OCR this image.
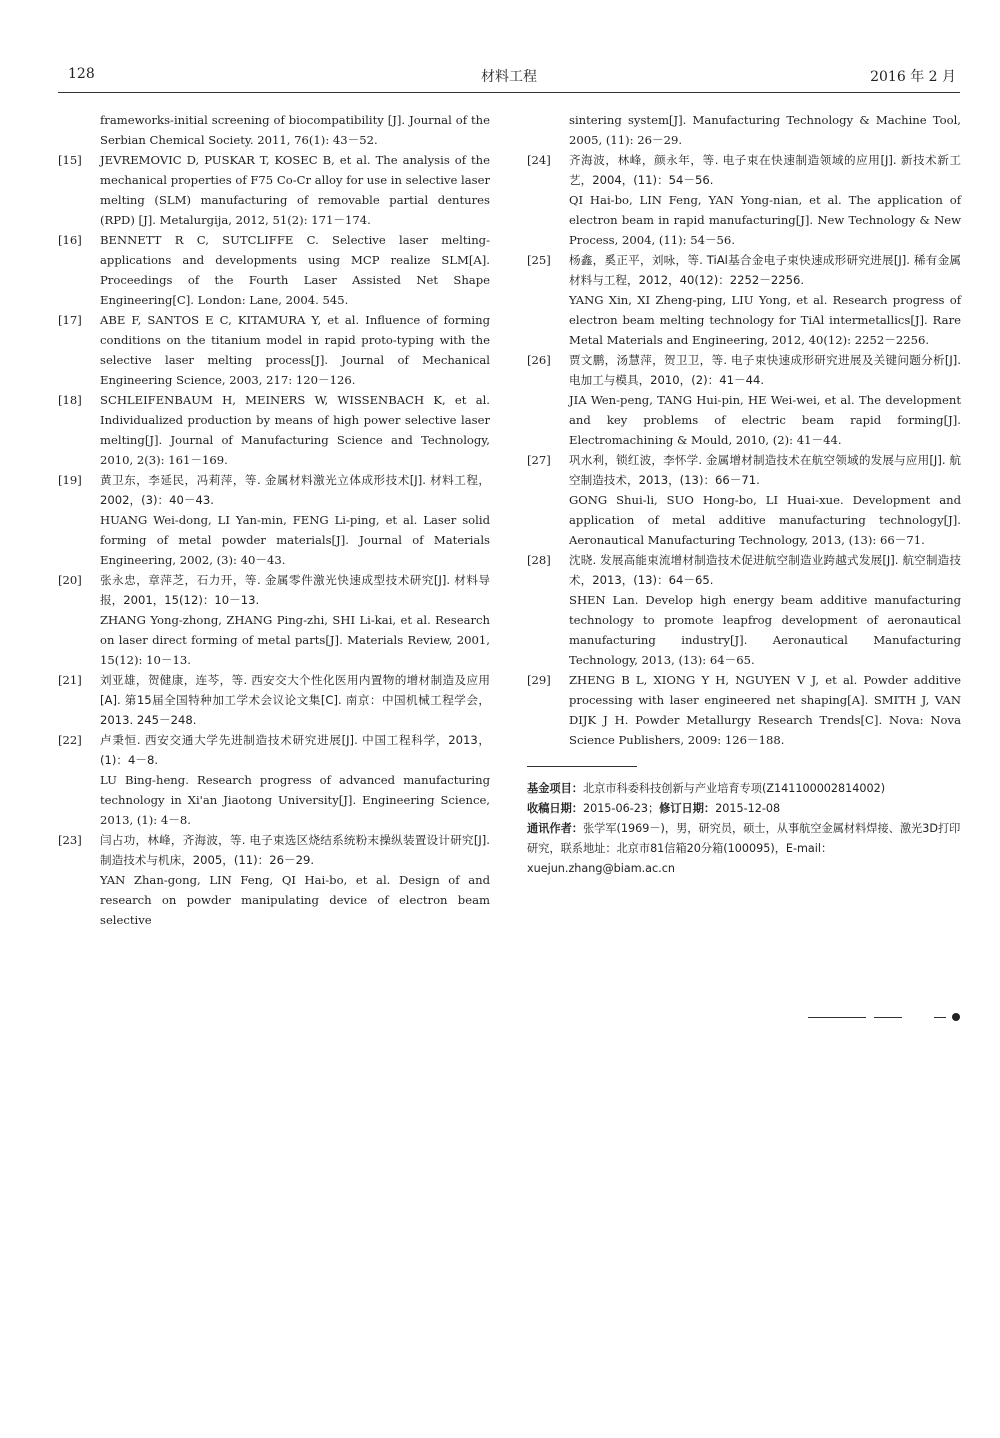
128	材料工程	2016 年 2 月
frameworks-initial screening of biocompatibility [J]. Journal of the Serbian Chemical Society. 2011, 76(1): 43－52.
[15]	JEVREMOVIC D, PUSKAR T, KOSEC B, et al. The analysis of the mechanical properties of F75 Co-Cr alloy for use in selective laser melting (SLM) manufacturing of removable partial dentures (RPD) [J]. Metalurgija, 2012, 51(2): 171－174.
[16]	BENNETT R C, SUTCLIFFE C. Selective laser melting-applications and developments using MCP realize SLM[A]. Proceedings of the Fourth Laser Assisted Net Shape Engineering[C]. London: Lane, 2004. 545.
[17]	ABE F, SANTOS E C, KITAMURA Y, et al. Influence of forming conditions on the titanium model in rapid proto-typing with the selective laser melting process[J]. Journal of Mechanical Engineering Science, 2003, 217: 120－126.
[18]	SCHLEIFENBAUM H, MEINERS W, WISSENBACH K, et al. Individualized production by means of high power selective laser melting[J]. Journal of Manufacturing Science and Technology, 2010, 2(3): 161－169.
[19]	黄卫东，李延民，冯莉萍，等. 金属材料激光立体成形技术[J]. 材料工程，2002，(3)：40－43.
HUANG Wei-dong, LI Yan-min, FENG Li-ping, et al. Laser solid forming of metal powder materials[J]. Journal of Materials Engineering, 2002, (3): 40－43.
[20]	张永忠，章萍芝，石力开，等. 金属零件激光快速成型技术研究[J]. 材料导报，2001，15(12)：10－13.
ZHANG Yong-zhong, ZHANG Ping-zhi, SHI Li-kai, et al. Research on laser direct forming of metal parts[J]. Materials Review, 2001, 15(12): 10－13.
[21]	刘亚雄，贺健康，连芩，等. 西安交大个性化医用内置物的增材制造及应用[A]. 第15届全国特种加工学术会议论文集[C]. 南京：中国机械工程学会，2013. 245－248.
[22]	卢秉恒. 西安交通大学先进制造技术研究进展[J]. 中国工程科学，2013，(1)：4－8.
LU Bing-heng. Research progress of advanced manufacturing technology in Xi'an Jiaotong University[J]. Engineering Science, 2013, (1): 4－8.
[23]	闫占功，林峰，齐海波，等. 电子束选区烧结系统粉末操纵装置设计研究[J]. 制造技术与机床，2005，(11)：26－29.
YAN Zhan-gong, LIN Feng, QI Hai-bo, et al. Design of and research on powder manipulating device of electron beam selective
sintering system[J]. Manufacturing Technology & Machine Tool, 2005, (11): 26－29.
[24]	齐海波，林峰，颜永年，等. 电子束在快速制造领域的应用[J]. 新技术新工艺，2004，(11)：54－56.
QI Hai-bo, LIN Feng, YAN Yong-nian, et al. The application of electron beam in rapid manufacturing[J]. New Technology & New Process, 2004, (11): 54－56.
[25]	杨鑫，奚正平，刘咏，等. TiAl基合金电子束快速成形研究进展[J]. 稀有金属材料与工程，2012，40(12)：2252－2256.
YANG Xin, XI Zheng-ping, LIU Yong, et al. Research progress of electron beam melting technology for TiAl intermetallics[J]. Rare Metal Materials and Engineering, 2012, 40(12): 2252－2256.
[26]	贾文鹏，汤慧萍，贺卫卫，等. 电子束快速成形研究进展及关键问题分析[J]. 电加工与模具，2010，(2)：41－44.
JIA Wen-peng, TANG Hui-pin, HE Wei-wei, et al. The development and key problems of electric beam rapid forming[J]. Electromachining & Mould, 2010, (2): 41－44.
[27]	巩水利，锁红波，李怀学. 金属增材制造技术在航空领域的发展与应用[J]. 航空制造技术，2013，(13)：66－71.
GONG Shui-li, SUO Hong-bo, LI Huai-xue. Development and application of metal additive manufacturing technology[J]. Aeronautical Manufacturing Technology, 2013, (13): 66－71.
[28]	沈晓. 发展高能束流增材制造技术促进航空制造业跨越式发展[J]. 航空制造技术，2013，(13)：64－65.
SHEN Lan. Develop high energy beam additive manufacturing technology to promote leapfrog development of aeronautical manufacturing industry[J]. Aeronautical Manufacturing Technology, 2013, (13): 64－65.
[29]	ZHENG B L, XIONG Y H, NGUYEN V J, et al. Powder additive processing with laser engineered net shaping[A]. SMITH J, VAN DIJK J H. Powder Metallurgy Research Trends[C]. Nova: Nova Science Publishers, 2009: 126－188.

基金项目：北京市科委科技创新与产业培育专项(Z141100002814002)

收稿日期：2015-06-23；修订日期：2015-12-08

通讯作者：张学军(1969－)，男，研究员，硕士，从事航空金属材料焊接、激光3D打印研究，联系地址：北京市81信箱20分箱(100095)，E-mail：xuejun.zhang@biam.ac.cn
